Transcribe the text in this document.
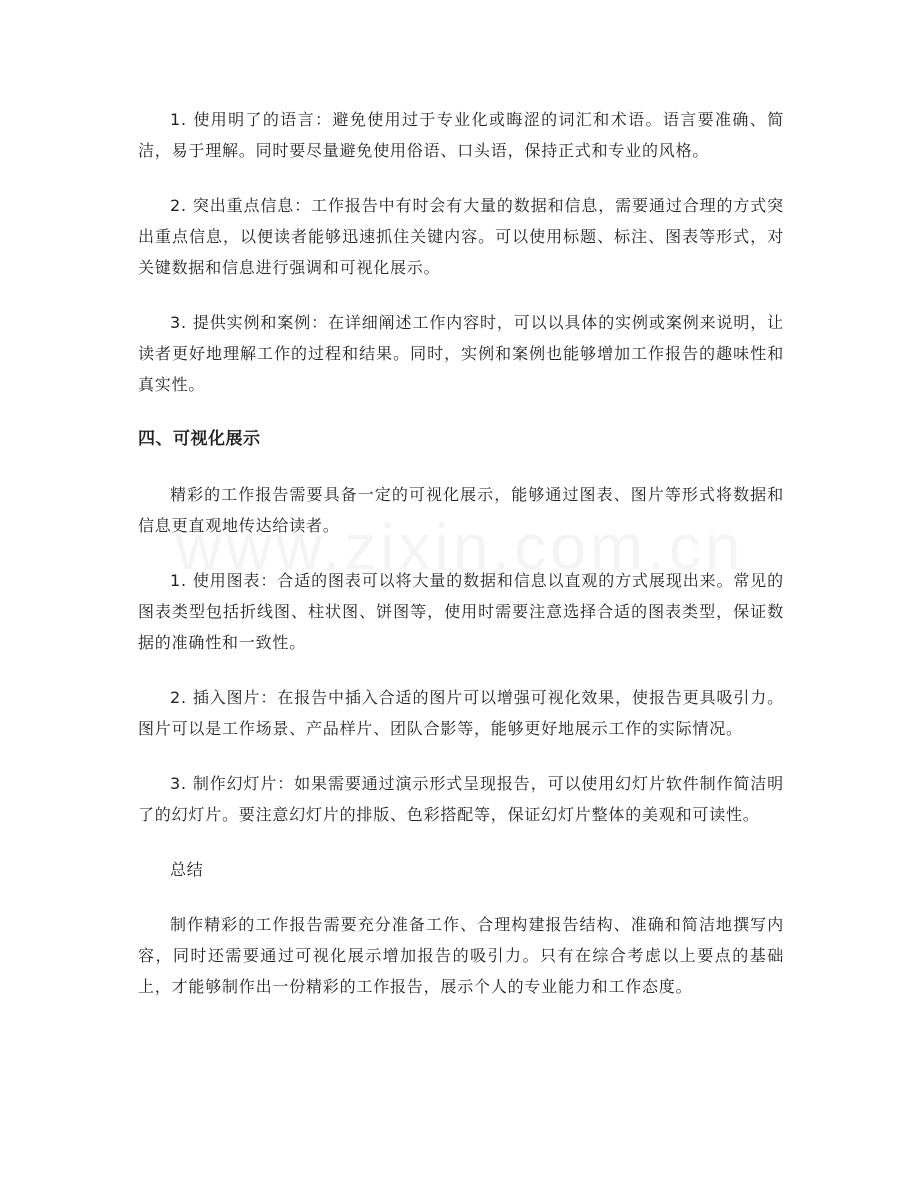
1. 使用明了的语言：避免使用过于专业化或晦涩的词汇和术语。语言要准确、简洁，易于理解。同时要尽量避免使用俗语、口头语，保持正式和专业的风格。

2. 突出重点信息：工作报告中有时会有大量的数据和信息，需要通过合理的方式突出重点信息，以便读者能够迅速抓住关键内容。可以使用标题、标注、图表等形式，对关键数据和信息进行强调和可视化展示。

3. 提供实例和案例：在详细阐述工作内容时，可以以具体的实例或案例来说明，让读者更好地理解工作的过程和结果。同时，实例和案例也能够增加工作报告的趣味性和真实性。

四、可视化展示

精彩的工作报告需要具备一定的可视化展示，能够通过图表、图片等形式将数据和信息更直观地传达给读者。

1. 使用图表：合适的图表可以将大量的数据和信息以直观的方式展现出来。常见的图表类型包括折线图、柱状图、饼图等，使用时需要注意选择合适的图表类型，保证数据的准确性和一致性。

2. 插入图片：在报告中插入合适的图片可以增强可视化效果，使报告更具吸引力。图片可以是工作场景、产品样片、团队合影等，能够更好地展示工作的实际情况。

3. 制作幻灯片：如果需要通过演示形式呈现报告，可以使用幻灯片软件制作简洁明了的幻灯片。要注意幻灯片的排版、色彩搭配等，保证幻灯片整体的美观和可读性。

总结

制作精彩的工作报告需要充分准备工作、合理构建报告结构、准确和简洁地撰写内容，同时还需要通过可视化展示增加报告的吸引力。只有在综合考虑以上要点的基础上，才能够制作出一份精彩的工作报告，展示个人的专业能力和工作态度。
